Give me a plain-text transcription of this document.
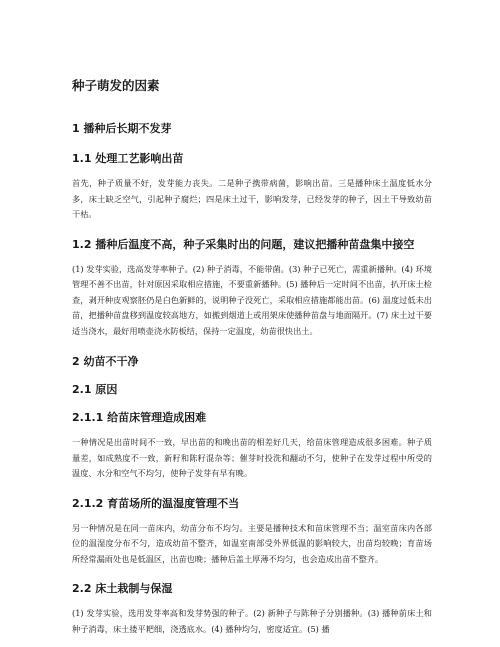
种子萌发的因素
1 播种后长期不发芽
1.1 处理工艺影响出苗

首先，种子质量不好，发芽能力丧失。二是种子携带病菌，影响出苗。三是播种床土温度低水分多，床土缺乏空气，引起种子腐烂；四是床土过干，影响发芽，已经发芽的种子，因土干导致幼苗干枯。

1.2 播种后温度不高，种子采集时出的问题，建议把播种苗盘集中接空

(1) 发芽实验，选高发芽率种子。(2) 种子消毒，不能带菌。(3) 种子已死亡，需重新播种。(4) 环境管理不善不出苗，针对原因采取相应措施，不要重新播种。(5) 播种后一定时间不出苗，扒开床土检查，剥开种皮观察胚仍是白色新鲜的，说明种子没死亡，采取相应措施都能出苗。(6) 温度过低未出苗，把播种苗盘移到温度较高地方，如搬到烟道上或用架床使播种苗盘与地面隔开。(7) 床土过干要适当浇水，最好用喷壶浇水防板结，保持一定温度，幼苗很快出土。

2 幼苗不干净
2.1 原因
2.1.1 给苗床管理造成困难

一种情况是出苗时间不一致，早出苗的和晚出苗的相差好几天，给苗床管理造成很多困难。种子质量差，如成熟度不一致，新籽和陈籽混杂等；催芽时投洗和翻动不匀，使种子在发芽过程中所受的温度、水分和空气不均匀，使种子发芽有早有晚。

2.1.2 育苗场所的温湿度管理不当

另一种情况是在同一苗床内，幼苗分布不均匀。主要是播种技术和苗床管理不当；温室苗床内各部位的温湿度分布不匀，造成幼苗不整齐，如温室南部受外界低温的影响较大，出苗均较晚；育苗场所经常漏雨处也是低温区，出苗也晚；播种后盖土厚薄不均匀，也会造成出苗不整齐。

2.2 床土栽制与保湿

(1) 发芽实验，选用发芽率高和发芽势强的种子。(2) 新种子与陈种子分别播种。(3) 播种前床土和种子消毒，床土搂平耙细，浇透底水。(4) 播种均匀，密度适宜。(5) 播
